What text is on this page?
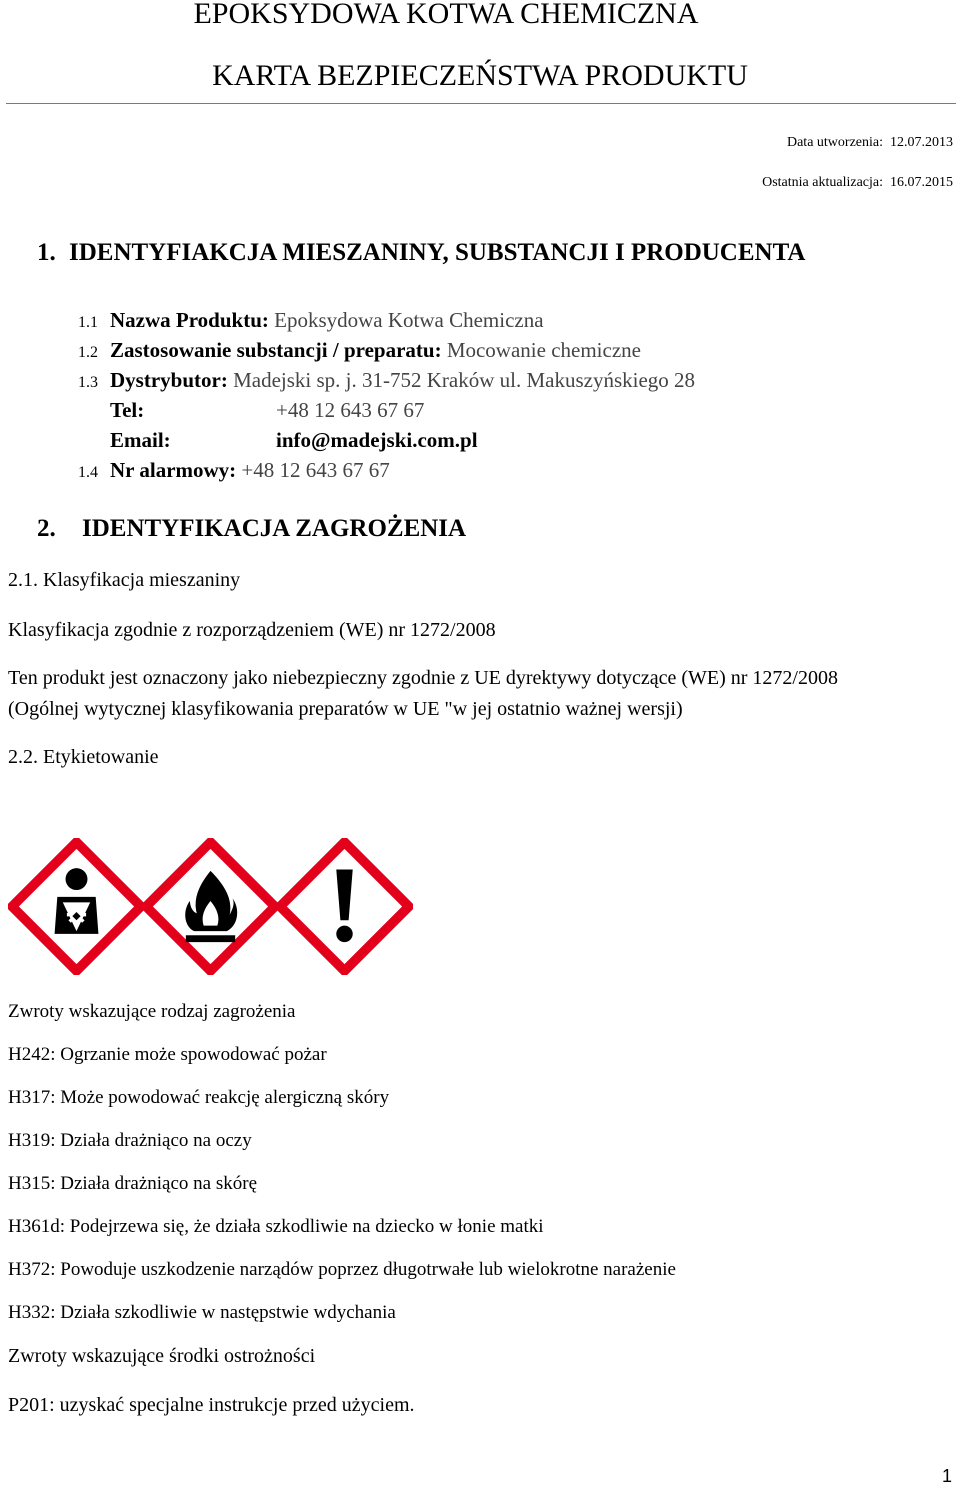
EPOKSYDOWA KOTWA CHEMICZNA
KARTA BEZPIECZEŃSTWA PRODUKTU
Data utworzenia: 12.07.2013
Ostatnia aktualizacja: 16.07.2015
1. IDENTYFIAKCJA MIESZANINY, SUBSTANCJI I PRODUCENTA
1.1 Nazwa Produktu: Epoksydowa Kotwa Chemiczna
1.2 Zastosowanie substancji / preparatu: Mocowanie chemiczne
1.3 Dystrybutor: Madejski sp. j. 31-752 Kraków ul. Makuszyńskiego 28
Tel:	+48 12 643 67 67
Email:	info@madejski.com.pl
1.4 Nr alarmowy: +48 12 643 67 67
2. IDENTYFIKACJA ZAGROŻENIA
2.1. Klasyfikacja mieszaniny
Klasyfikacja zgodnie z rozporządzeniem (WE) nr 1272/2008
Ten produkt jest oznaczony jako niebezpieczny zgodnie z UE dyrektywy dotyczące (WE) nr 1272/2008
(Ogólnej wytycznej klasyfikowania preparatów w UE "w jej ostatnio ważnej wersji)
2.2. Etykietowanie
Zwroty wskazujące rodzaj zagrożenia
H242: Ogrzanie może spowodować pożar
H317: Może powodować reakcję alergiczną skóry
H319: Działa drażniąco na oczy
H315: Działa drażniąco na skórę
H361d: Podejrzewa się, że działa szkodliwie na dziecko w łonie matki
H372: Powoduje uszkodzenie narządów poprzez długotrwałe lub wielokrotne narażenie
H332: Działa szkodliwie w następstwie wdychania
Zwroty wskazujące środki ostrożności
P201: uzyskać specjalne instrukcje przed użyciem.
1
